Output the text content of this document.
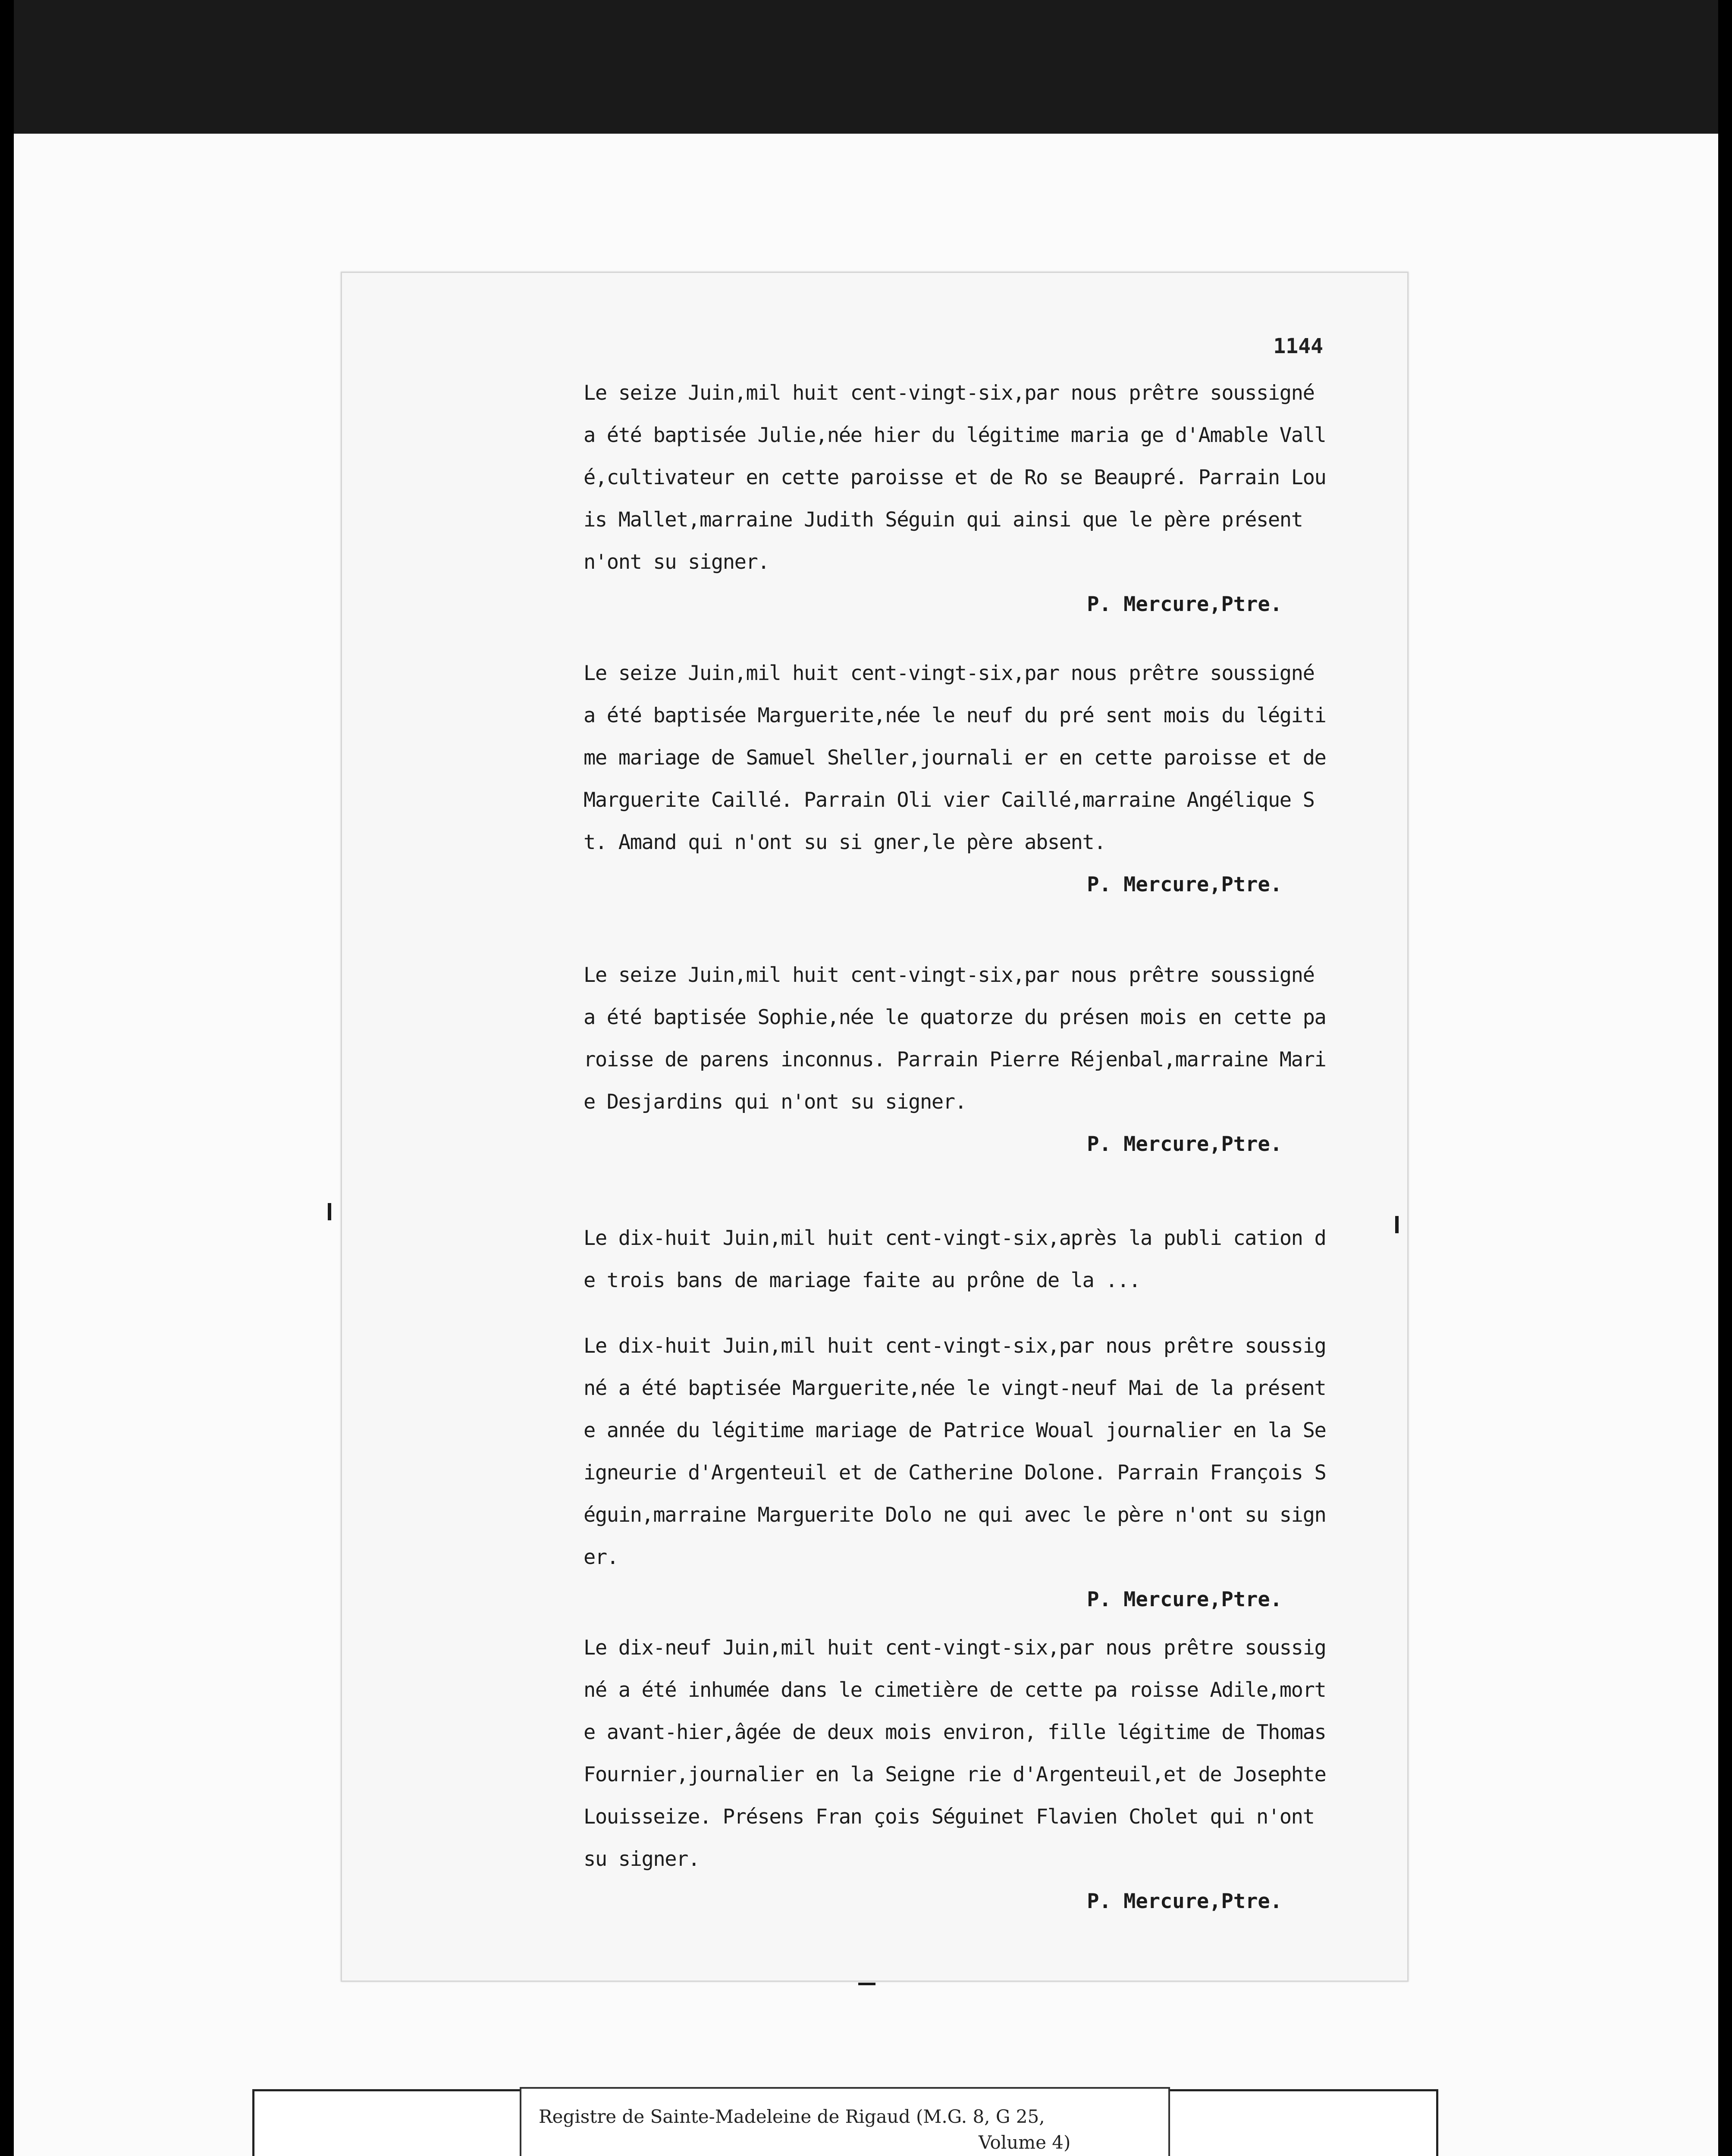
1144
Le seize Juin,mil huit cent-vingt-six,par nous prêtre soussigné a été baptisée Julie,née hier du légitime maria ge d'Amable Vallé,cultivateur en cette paroisse et de Ro se Beaupré. Parrain Louis Mallet,marraine Judith Séguin qui ainsi que le père présent n'ont su signer.
P. Mercure,Ptre.
Le seize Juin,mil huit cent-vingt-six,par nous prêtre soussigné a été baptisée Marguerite,née le neuf du pré sent mois du légitime mariage de Samuel Sheller,journali er en cette paroisse et de Marguerite Caillé. Parrain Oli vier Caillé,marraine Angélique St. Amand qui n'ont su si gner,le père absent.
P. Mercure,Ptre.
Le seize Juin,mil huit cent-vingt-six,par nous prêtre soussigné a été baptisée Sophie,née le quatorze du présen mois en cette paroisse de parens inconnus. Parrain Pierre Réjenbal,marraine Marie Desjardins qui n'ont su signer.
P. Mercure,Ptre.
Le dix-huit Juin,mil huit cent-vingt-six,après la publi cation de trois bans de mariage faite au prône de la ...
Le dix-huit Juin,mil huit cent-vingt-six,par nous prêtre soussigné a été baptisée Marguerite,née le vingt-neuf Mai de la présente année du légitime mariage de Patrice Woual journalier en la Seigneurie d'Argenteuil et de Catherine Dolone. Parrain François Séguin,marraine Marguerite Dolo ne qui avec le père n'ont su signer.
P. Mercure,Ptre.
Le dix-neuf Juin,mil huit cent-vingt-six,par nous prêtre soussigné a été inhumée dans le cimetière de cette pa roisse Adile,morte avant-hier,âgée de deux mois environ, fille légitime de Thomas Fournier,journalier en la Seigne rie d'Argenteuil,et de Josephte Louisseize. Présens Fran çois Séguinet Flavien Cholet qui n'ont su signer.
P. Mercure,Ptre.
Registre de Sainte-Madeleine de Rigaud (M.G. 8, G 25,
Volume 4)
